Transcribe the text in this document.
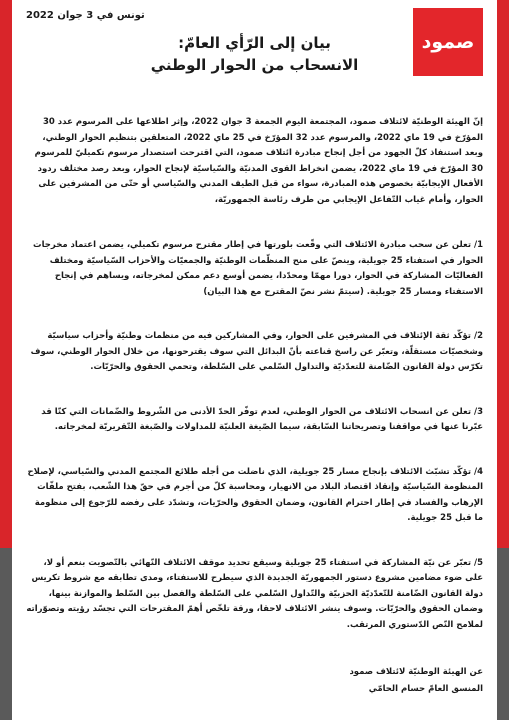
صمود
تونس في 3 جوان 2022
بيان إلى الرّأي العامّ:
الانسحاب من الحوار الوطني

إنّ الهيئة الوطنيّة لائتلاف صمود، المجتمعة اليوم الجمعة 3 جوان 2022، وإثر اطلاعها على المرسوم عدد 30 المؤرّخ في 19 ماي 2022، والمرسوم عدد 32 المؤرّخ في 25 ماي 2022، المتعلقين بتنظيم الحوار الوطني، وبعد استنفاذ كلّ الجهود من أجل إنجاح مبادرة ائتلاف صمود، التي اقترحت استصدار مرسوم تكميليّ للمرسوم 30 المؤرّخ في 19 ماي 2022، يضمن انخراط القوى المدنيّة والسّياسيّة لإنجاح الحوار، وبعد رصد مختلف ردود الأفعال الإيجابيّة بخصوص هذه المبادرة، سواء من قبل الطيف المدني والسّياسي أو حتّى من المشرفين على الحوار، وأمام غياب التّفاعل الإيجابي من طرف رئاسة الجمهوريّة،

1/ تعلن عن سحب مبادرة الائتلاف التي وقّعت بلورتها في إطار مقترح مرسوم تكميلي، يضمن اعتماد مخرجات الحوار في استفتاء 25 جويلية، وينصّ على منح المنظّمات الوطنيّة والجمعيّات والأحزاب السّياسيّة ومختلف الفعاليّات المشاركة في الحوار، دورا مهمّا ومحدّدا، يضمن أوسع دعم ممكن لمخرجاته، ويساهم في إنجاح الاستفتاء ومسار 25 جويلية. (سيتمّ نشر نصّ المقترح مع هذا البيان)

2/ تؤكّد ثقة الإئتلاف في المشرفين على الحوار، وفي المشاركين فيه من منظمات وطنيّة وأحزاب سياسيّة وشخصيّات مستقلّة، وتعبّر عن راسخ قناعته بأنّ البدائل التي سوف يقترحونها، من خلال الحوار الوطني، سوف تكرّس دولة القانون الضّامنة للتعدّديّة والتداول السّلمي على السّلطة، وتحمي الحقوق والحرّيّات.

3/ تعلن عن انسحاب الائتلاف من الحوار الوطني، لعدم توفّر الحدّ الأدنى من الشّروط والضّمانات التي كنّا قد عبّرنا عنها في مواقفنا وتصريحاتنا السّابقة، سيما الصّيغة العلنيّة للمداولات والصّبغة التّقريريّة لمخرجاته.

4/ تؤكّد تشبّث الائتلاف بإنجاح مسار 25 جويلية، الذي ناضلت من أجله طلائع المجتمع المدني والسّياسي، لإصلاح المنظومة السّياسيّة وإنقاذ اقتصاد البلاد من الانهيار، ومحاسبة كلّ من أجرم في حقّ هذا الشّعب، بفتح ملفّات الإرهاب والفساد في إطار احترام القانون، وضمان الحقوق والحرّيات، وتشدّد على رفضه للرّجوع إلى منظومة ما قبل 25 جويلية.

5/ تعبّر عن نيّة المشاركة في استفتاء 25 جويلية وسيقع تحديد موقف الائتلاف النّهائي بالتّصويت بنعم أو لا، على ضوء مضامين مشروع دستور الجمهوريّة الجديدة الذي سيطرح للاستفتاء، ومدى تطابقه مع شروط تكريس دولة القانون الضّامنة للتّعدّديّة الحزبيّة والتّداول السّلمي على السّلطة والفصل بين السّلط والموازنة بينها، وضمان الحقوق والحرّيّات. وسوف ينشر الائتلاف لاحقا، ورقة تلخّص أهمّ المقترحات التي تجسّد رؤيته وتصوّراته لملامح النّص الدّستوري المرتقب.

عن الهيئة الوطنيّة لائتلاف صمود
المنسق العامّ حسام الحامّي
